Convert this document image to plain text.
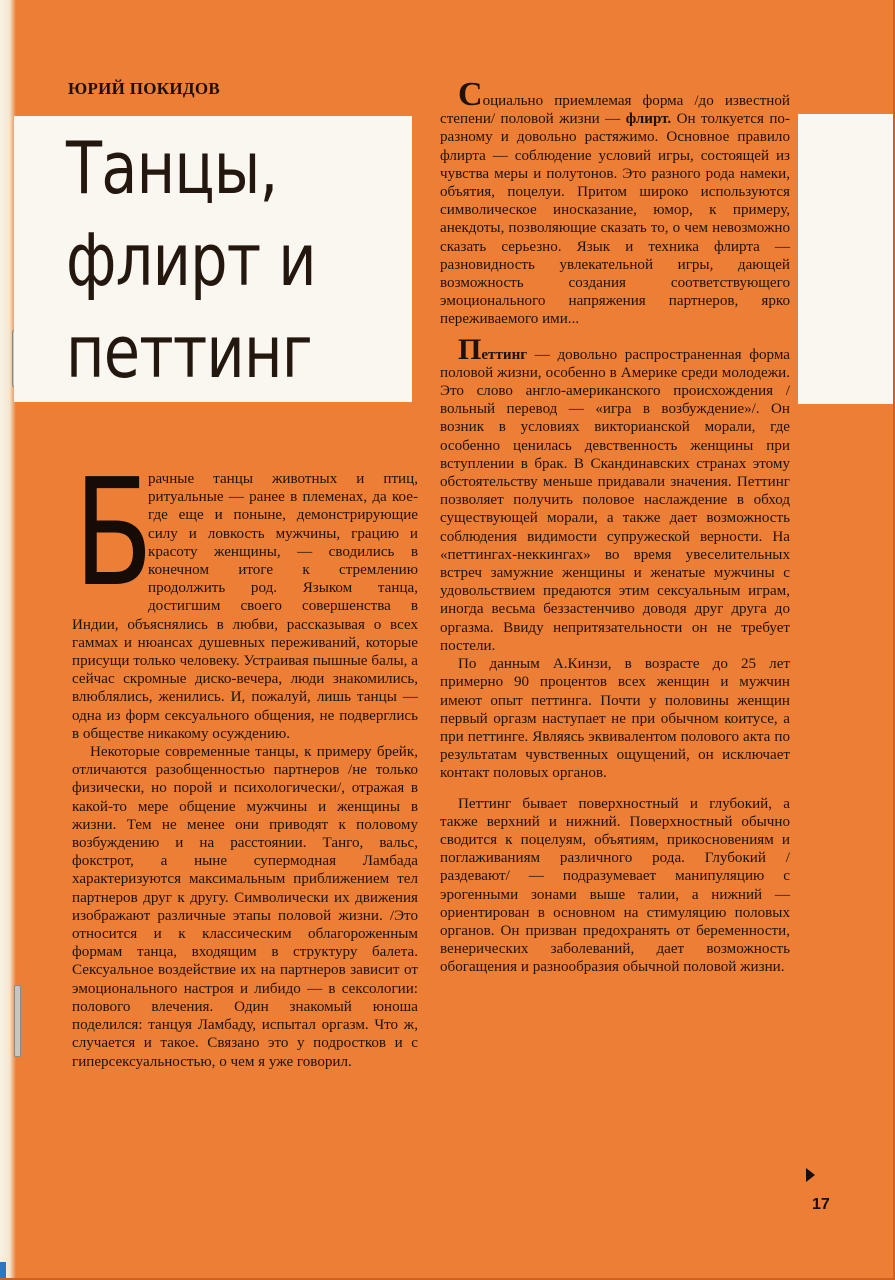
ЮРИЙ ПОКИДОВ
Танцы,
флирт и
петтинг
Б

рачные танцы животных и птиц, ритуальные — ранее в племенах, да кое-где еще и поныне, демонстрирующие силу и ловкость мужчины, грацию и красоту женщины, — сводились в конечном итоге к стремлению продолжить род. Языком танца, достигшим своего совершенства в Индии, объяснялись в любви, рассказывая о всех гаммах и нюансах душевных переживаний, которые присущи только человеку. Устраивая пышные балы, а сейчас скромные диско-вечера, люди знакомились, влюблялись, женились. И, пожалуй, лишь танцы — одна из форм сексуального общения, не подверглись в обществе никакому осуждению.

Некоторые современные танцы, к примеру брейк, отличаются разобщенностью партнеров /не только физически, но порой и психологически/, отражая в какой-то мере общение мужчины и женщины в жизни. Тем не менее они приводят к половому возбуждению и на расстоянии. Танго, вальс, фокстрот, а ныне супермодная Ламбада характеризуются максимальным приближением тел партнеров друг к другу. Символически их движения изображают различные этапы половой жизни. /Это относится и к классическим облагороженным формам танца, входящим в структуру балета. Сексуальное воздействие их на партнеров зависит от эмоционального настроя и либидо — в сексологии: полового влечения. Один знакомый юноша поделился: танцуя Ламбаду, испытал оргазм. Что ж, случается и такое. Связано это у подростков и с гиперсексуальностью, о чем я уже говорил.

Социально приемлемая форма /до известной степени/ половой жизни — флирт. Он толкуется по-разному и довольно растяжимо. Основное правило флирта — соблюдение условий игры, состоящей из чувства меры и полутонов. Это разного рода намеки, объятия, поцелуи. Притом широко используются символическое иносказание, юмор, к примеру, анекдоты, позволяющие сказать то, о чем невозможно сказать серьезно. Язык и техника флирта — разновидность увлекательной игры, дающей возможность создания соответствующего эмоционального напряжения партнеров, ярко переживаемого ими...

Петтинг — довольно распространенная форма половой жизни, особенно в Америке среди молодежи. Это слово англо-американского происхождения /вольный перевод — «игра в возбуждение»/. Он возник в условиях викторианской морали, где особенно ценилась девственность женщины при вступлении в брак. В Скандинавских странах этому обстоятельству меньше придавали значения. Петтинг позволяет получить половое наслаждение в обход существующей морали, а также дает возможность соблюдения видимости супружеской верности. На «петтингах-неккингах» во время увеселительных встреч замужние женщины и женатые мужчины с удовольствием предаются этим сексуальным играм, иногда весьма беззастенчиво доводя друг друга до оргазма. Ввиду непритязательности он не требует постели.

По данным А.Кинзи, в возрасте до 25 лет примерно 90 процентов всех женщин и мужчин имеют опыт петтинга. Почти у половины женщин первый оргазм наступает не при обычном коитусе, а при петтинге. Являясь эквивалентом полового акта по результатам чувственных ощущений, он исключает контакт половых органов.

Петтинг бывает поверхностный и глубокий, а также верхний и нижний. Поверхностный обычно сводится к поцелуям, объятиям, прикосновениям и поглаживаниям различного рода. Глубокий /раздевают/ — подразумевает манипуляцию с эрогенными зонами выше талии, а нижний — ориентирован в основном на стимуляцию половых органов. Он призван предохранять от беременности, венерических заболеваний, дает возможность обогащения и разнообразия обычной половой жизни.

17
